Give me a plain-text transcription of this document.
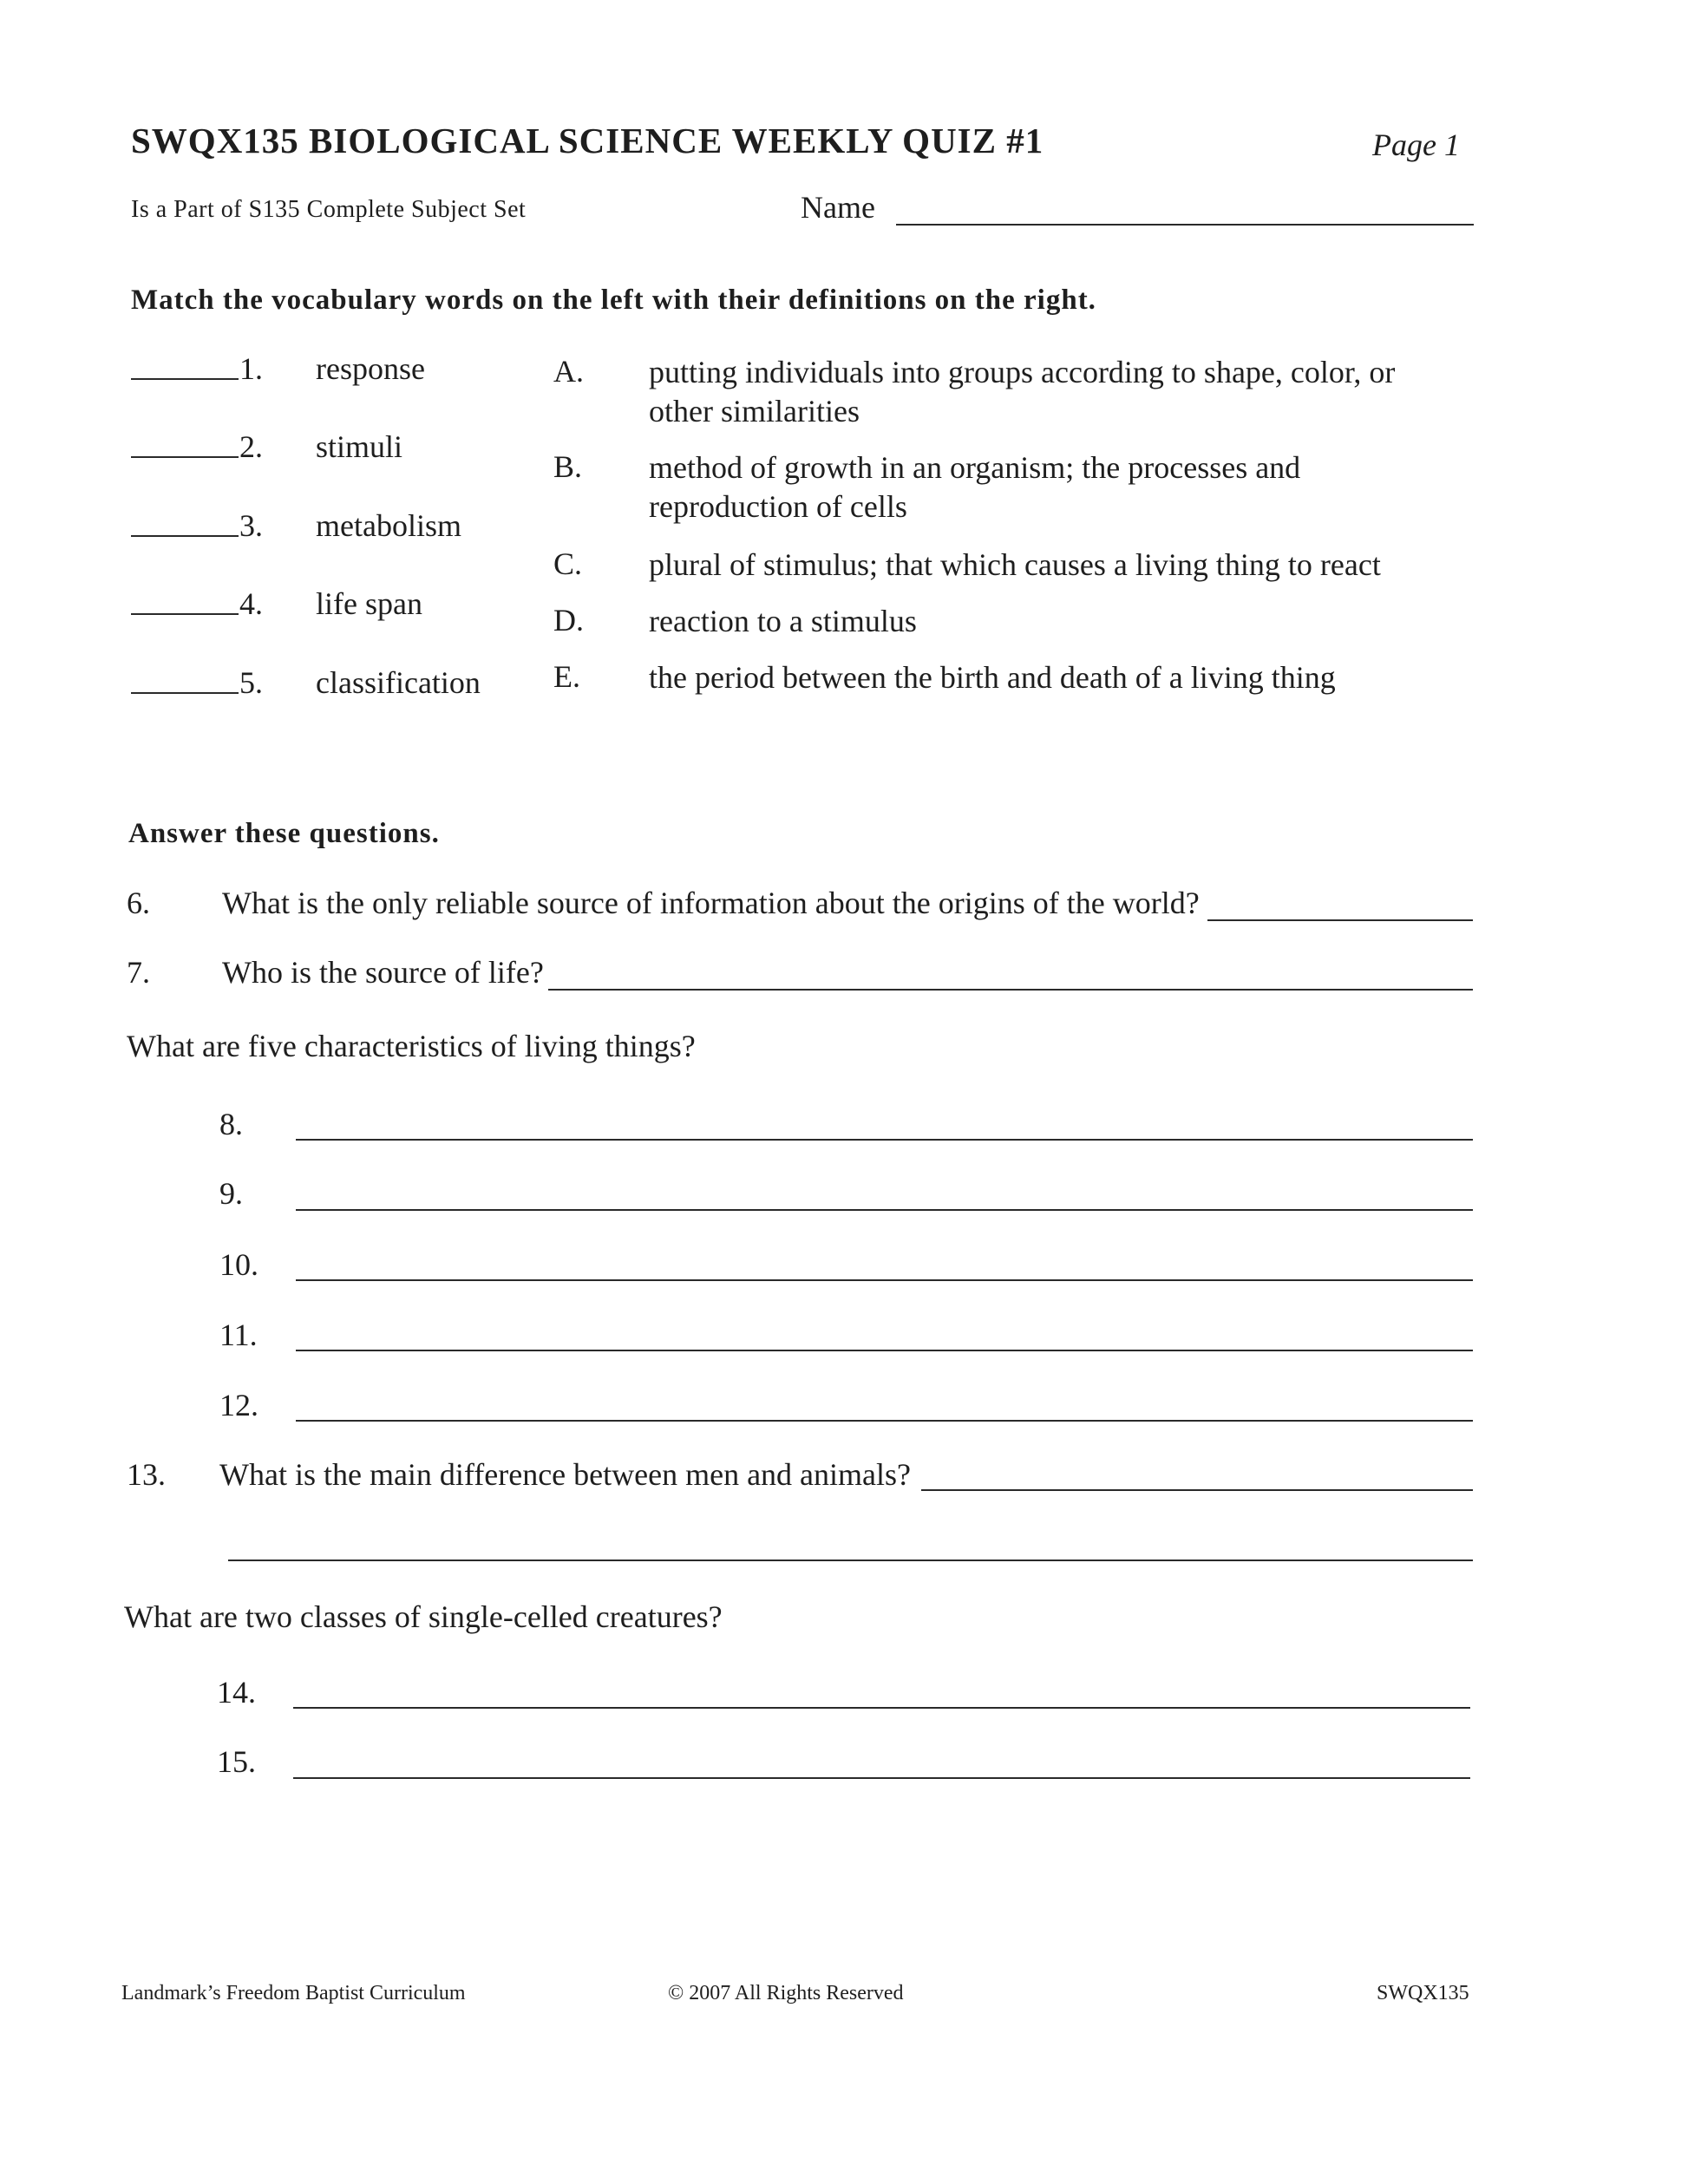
SWQX135 BIOLOGICAL SCIENCE WEEKLY QUIZ #1	Page 1
Is a Part of S135 Complete Subject Set	Name
Match the vocabulary words on the left with their definitions on the right.
1. response
2. stimuli
3. metabolism
4. life span
5. classification
A. putting individuals into groups according to shape, color, or other similarities
B. method of growth in an organism; the processes and reproduction of cells
C. plural of stimulus; that which causes a living thing to react
D. reaction to a stimulus
E. the period between the birth and death of a living thing
Answer these questions.
6. What is the only reliable source of information about the origins of the world?
7. Who is the source of life?
What are five characteristics of living things?
8.
9.
10.
11.
12.
13. What is the main difference between men and animals?
What are two classes of single-celled creatures?
14.
15.
Landmark’s Freedom Baptist Curriculum	© 2007 All Rights Reserved	SWQX135
